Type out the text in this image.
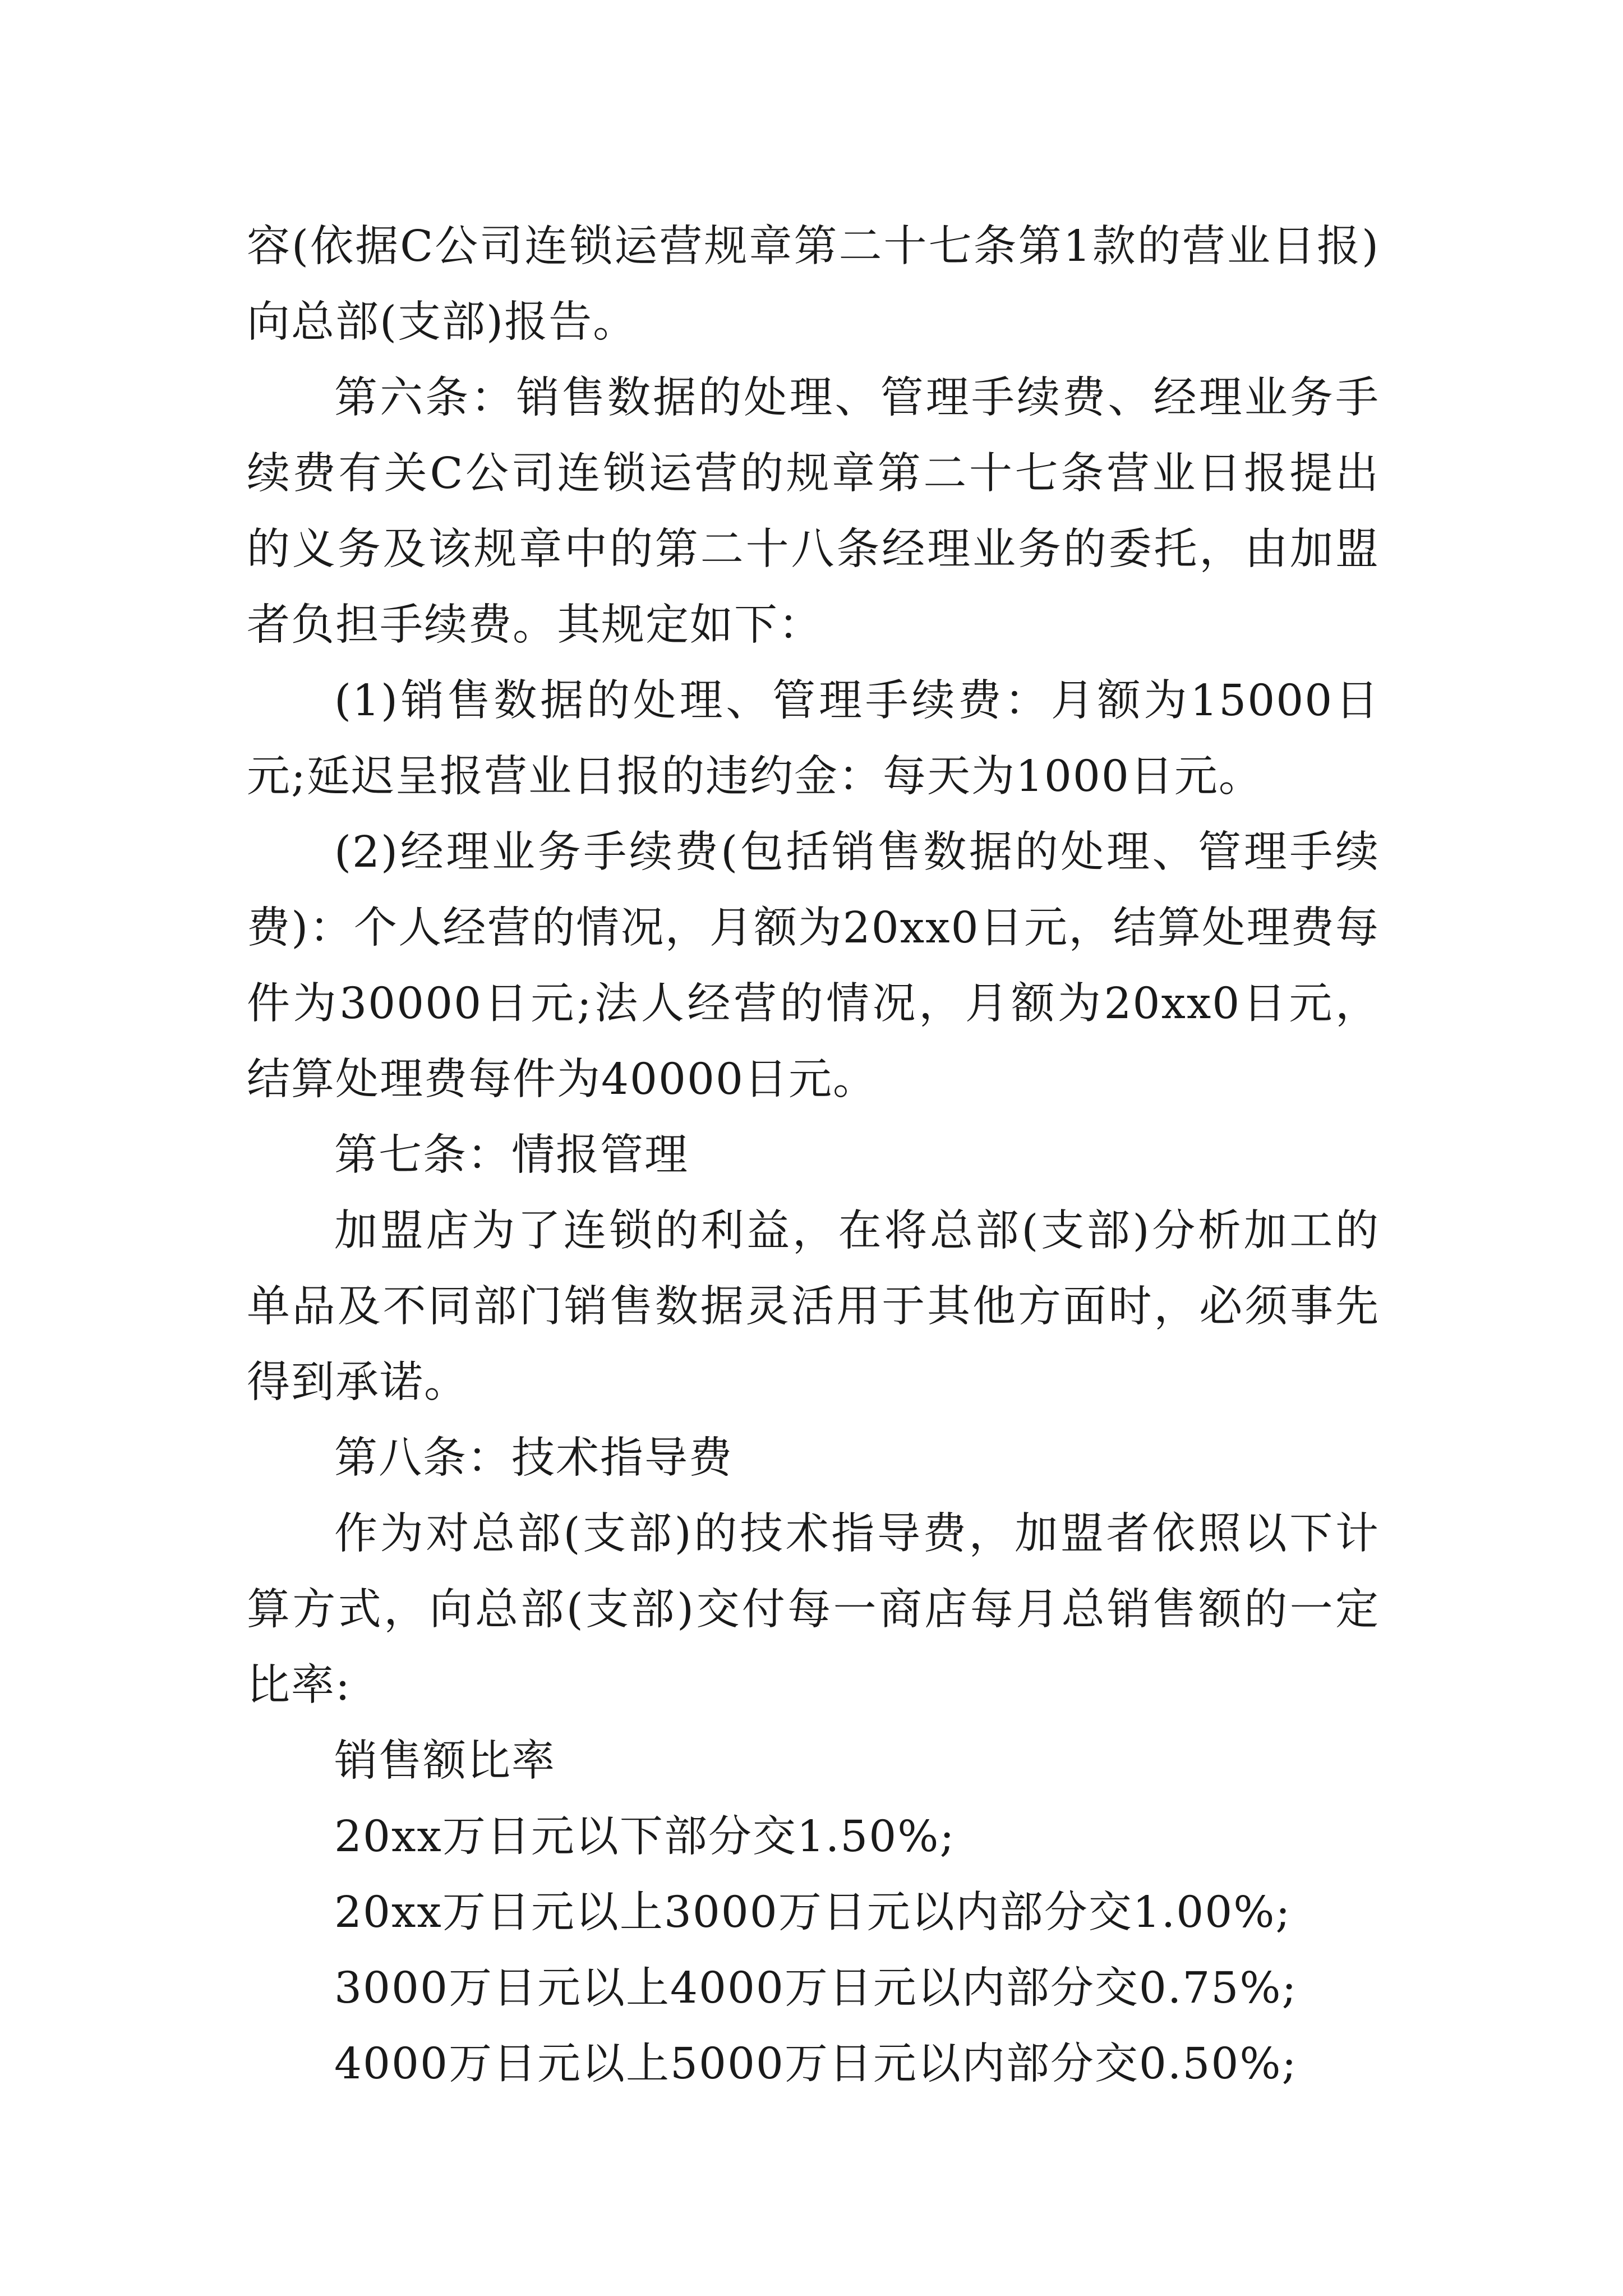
容(依据C公司连锁运营规章第二十七条第1款的营业日报)向总部(支部)报告。

第六条：销售数据的处理、管理手续费、经理业务手续费有关C公司连锁运营的规章第二十七条营业日报提出的义务及该规章中的第二十八条经理业务的委托，由加盟者负担手续费。其规定如下：

(1)销售数据的处理、管理手续费：月额为15000日元;延迟呈报营业日报的违约金：每天为1000日元。

(2)经理业务手续费(包括销售数据的处理、管理手续费)：个人经营的情况，月额为20xx0日元，结算处理费每件为30000日元;法人经营的情况，月额为20xx0日元，结算处理费每件为40000日元。

第七条：情报管理

加盟店为了连锁的利益，在将总部(支部)分析加工的单品及不同部门销售数据灵活用于其他方面时，必须事先得到承诺。

第八条：技术指导费

作为对总部(支部)的技术指导费，加盟者依照以下计算方式，向总部(支部)交付每一商店每月总销售额的一定比率:

销售额比率

20xx万日元以下部分交1.50%;

20xx万日元以上3000万日元以内部分交1.00%;

3000万日元以上4000万日元以内部分交0.75%;

4000万日元以上5000万日元以内部分交0.50%;
